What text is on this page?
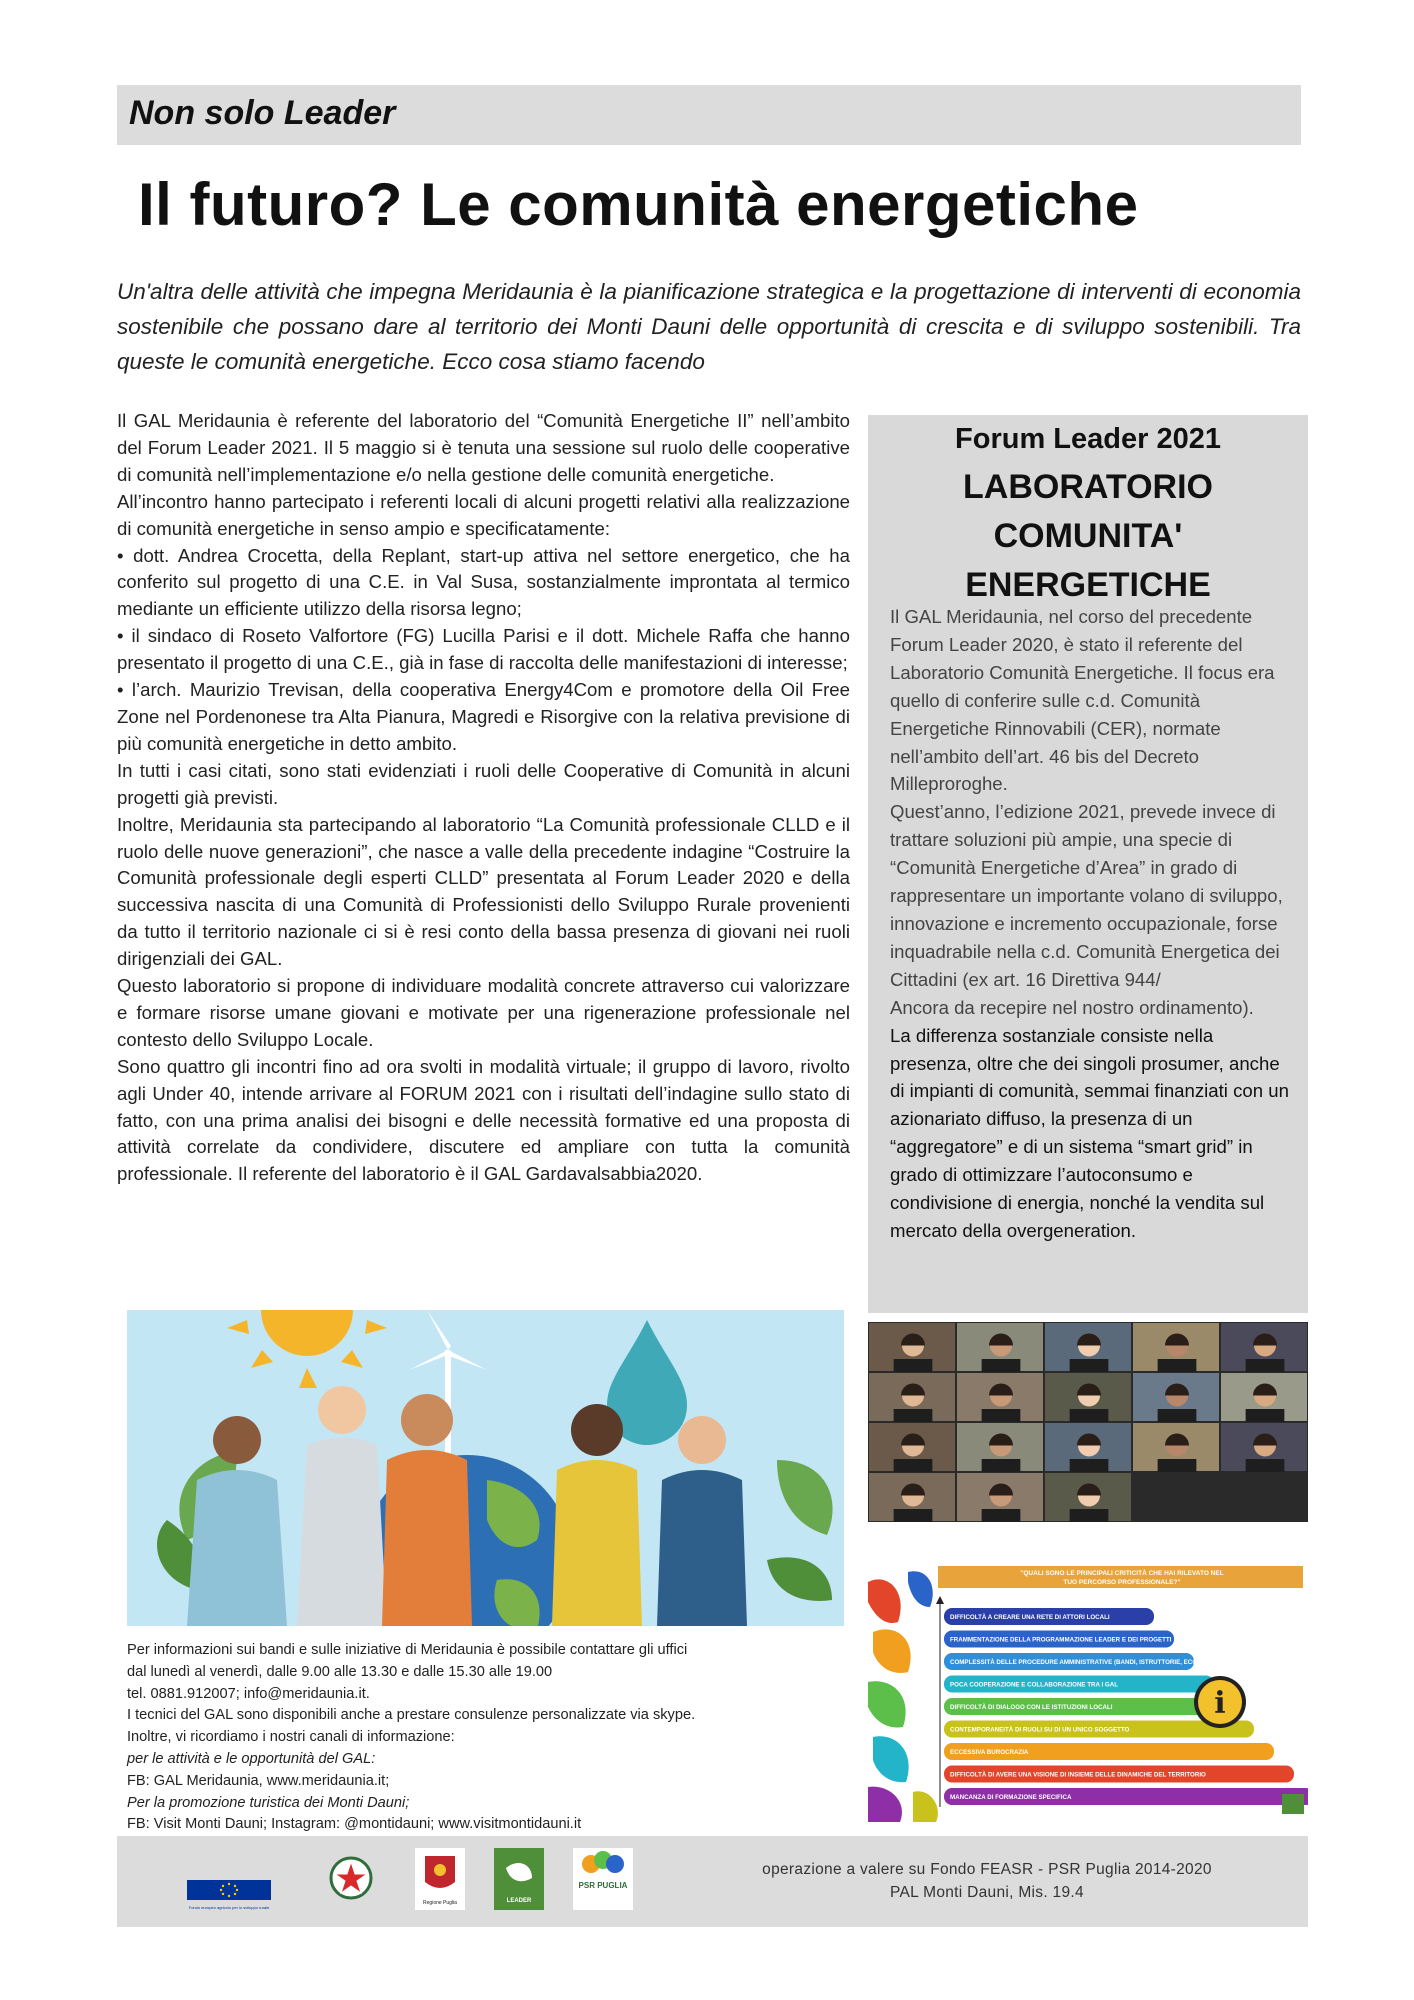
Non solo Leader
Il futuro? Le comunità energetiche
Un'altra delle attività che impegna Meridaunia è la pianificazione strategica e la progettazione di interventi di economia sostenibile che possano dare al territorio dei Monti Dauni delle opportunità di crescita e di sviluppo sostenibili. Tra queste le comunità energetiche. Ecco cosa stiamo facendo

Il GAL Meridaunia è referente del laboratorio del “Comunità Energetiche II” nell’ambito del Forum Leader 2021. Il 5 maggio si è tenuta una sessione sul ruolo delle cooperative di comunità nell’implementazione e/o nella gestione delle comunità energetiche.

All’incontro hanno partecipato i referenti locali di alcuni progetti relativi alla realizzazione di comunità energetiche in senso ampio e specificatamente:

• dott. Andrea Crocetta, della Replant, start-up attiva nel settore energetico, che ha conferito sul progetto di una C.E. in Val Susa, sostanzialmente improntata al termico mediante un efficiente utilizzo della risorsa legno;

• il sindaco di Roseto Valfortore (FG) Lucilla Parisi e il dott. Michele Raffa che hanno presentato il progetto di una C.E., già in fase di raccolta delle manifestazioni di interesse;

• l’arch. Maurizio Trevisan, della cooperativa Energy4Com e promotore della Oil Free Zone nel Pordenonese tra Alta Pianura, Magredi e Risorgive con la relativa previsione di più comunità energetiche in detto ambito.

In tutti i casi citati, sono stati evidenziati i ruoli delle Cooperative di Comunità in alcuni progetti già previsti.

Inoltre, Meridaunia sta partecipando al laboratorio “La Comunità professionale CLLD e il ruolo delle nuove generazioni”, che nasce a valle della precedente indagine “Costruire la Comunità professionale degli esperti CLLD” presentata al Forum Leader 2020 e della successiva nascita di una Comunità di Professionisti dello Sviluppo Rurale provenienti da tutto il territorio nazionale ci si è resi conto della bassa presenza di giovani nei ruoli dirigenziali dei GAL.

Questo laboratorio si propone di individuare modalità concrete attraverso cui valorizzare e formare risorse umane giovani e motivate per una rigenerazione professionale nel contesto dello Sviluppo Locale.

Sono quattro gli incontri fino ad ora svolti in modalità virtuale; il gruppo di lavoro, rivolto agli Under 40, intende arrivare al FORUM 2021 con i risultati dell’indagine sullo stato di fatto, con una prima analisi dei bisogni e delle necessità formative ed una proposta di attività correlate da condividere, discutere ed ampliare con tutta la comunità professionale. Il referente del laboratorio è il GAL Gardavalsabbia2020.

Forum Leader 2021
LABORATORIO COMUNITA' ENERGETICHE

Il GAL Meridaunia, nel corso del precedente Forum Leader 2020, è stato il referente del Laboratorio Comunità Energetiche. Il focus era quello di conferire sulle c.d. Comunità Energetiche Rinnovabili (CER), normate nell’ambito dell’art. 46 bis del Decreto Milleproroghe.

Quest’anno, l’edizione 2021, prevede invece di trattare soluzioni più ampie, una specie di “Comunità Energetiche d’Area” in grado di rappresentare un importante volano di sviluppo, innovazione e incremento occupazionale, forse inquadrabile nella c.d. Comunità Energetica dei Cittadini (ex art. 16 Direttiva 944/

Ancora da recepire nel nostro ordinamento).

La differenza sostanziale consiste nella presenza, oltre che dei singoli prosumer, anche di impianti di comunità, semmai finanziati con un azionariato diffuso, la presenza di un “aggregatore” e di un sistema “smart grid” in grado di ottimizzare l’autoconsumo e condivisione di energia, nonché la vendita sul mercato della overgeneration.

Per informazioni sui bandi e sulle iniziative di Meridaunia è possibile contattare gli uffici
dal lunedì al venerdì, dalle 9.00 alle 13.30 e dalle 15.30 alle 19.00
tel. 0881.912007; info@meridaunia.it.
I tecnici del GAL sono disponibili anche a prestare consulenze personalizzate via skype.
Inoltre, vi ricordiamo i nostri canali di informazione:
per le attività e le opportunità del GAL:
FB: GAL Meridaunia, www.meridaunia.it;
Per la promozione turistica dei Monti Dauni;
FB: Visit Monti Dauni; Instagram: @montidauni; www.visitmontidauni.it
"QUALI SONO LE PRINCIPALI CRITICITÀ CHE HAI RILEVATO NEL
TUO PERCORSO PROFESSIONALE?"
DIFFICOLTÀ A CREARE UNA RETE DI ATTORI LOCALI
FRAMMENTAZIONE DELLA PROGRAMMAZIONE LEADER E DEI PROGETTI
COMPLESSITÀ DELLE PROCEDURE AMMINISTRATIVE (BANDI, ISTRUTTORIE, ECC)
POCA COOPERAZIONE E COLLABORAZIONE TRA I GAL
DIFFICOLTÀ DI DIALOGO CON LE ISTITUZIONI LOCALI
CONTEMPORANEITÀ DI RUOLI SU DI UN UNICO SOGGETTO
ECCESSIVA BUROCRAZIA
DIFFICOLTÀ DI AVERE UNA VISIONE DI INSIEME DELLE DINAMICHE DEL TERRITORIO
MANCANZA DI FORMAZIONE SPECIFICA
i
Fondo europeo agricolo per lo sviluppo rurale
Regione Puglia	LEADER
PSR PUGLIA
operazione a valere su Fondo FEASR - PSR Puglia 2014-2020
PAL Monti Dauni, Mis. 19.4
